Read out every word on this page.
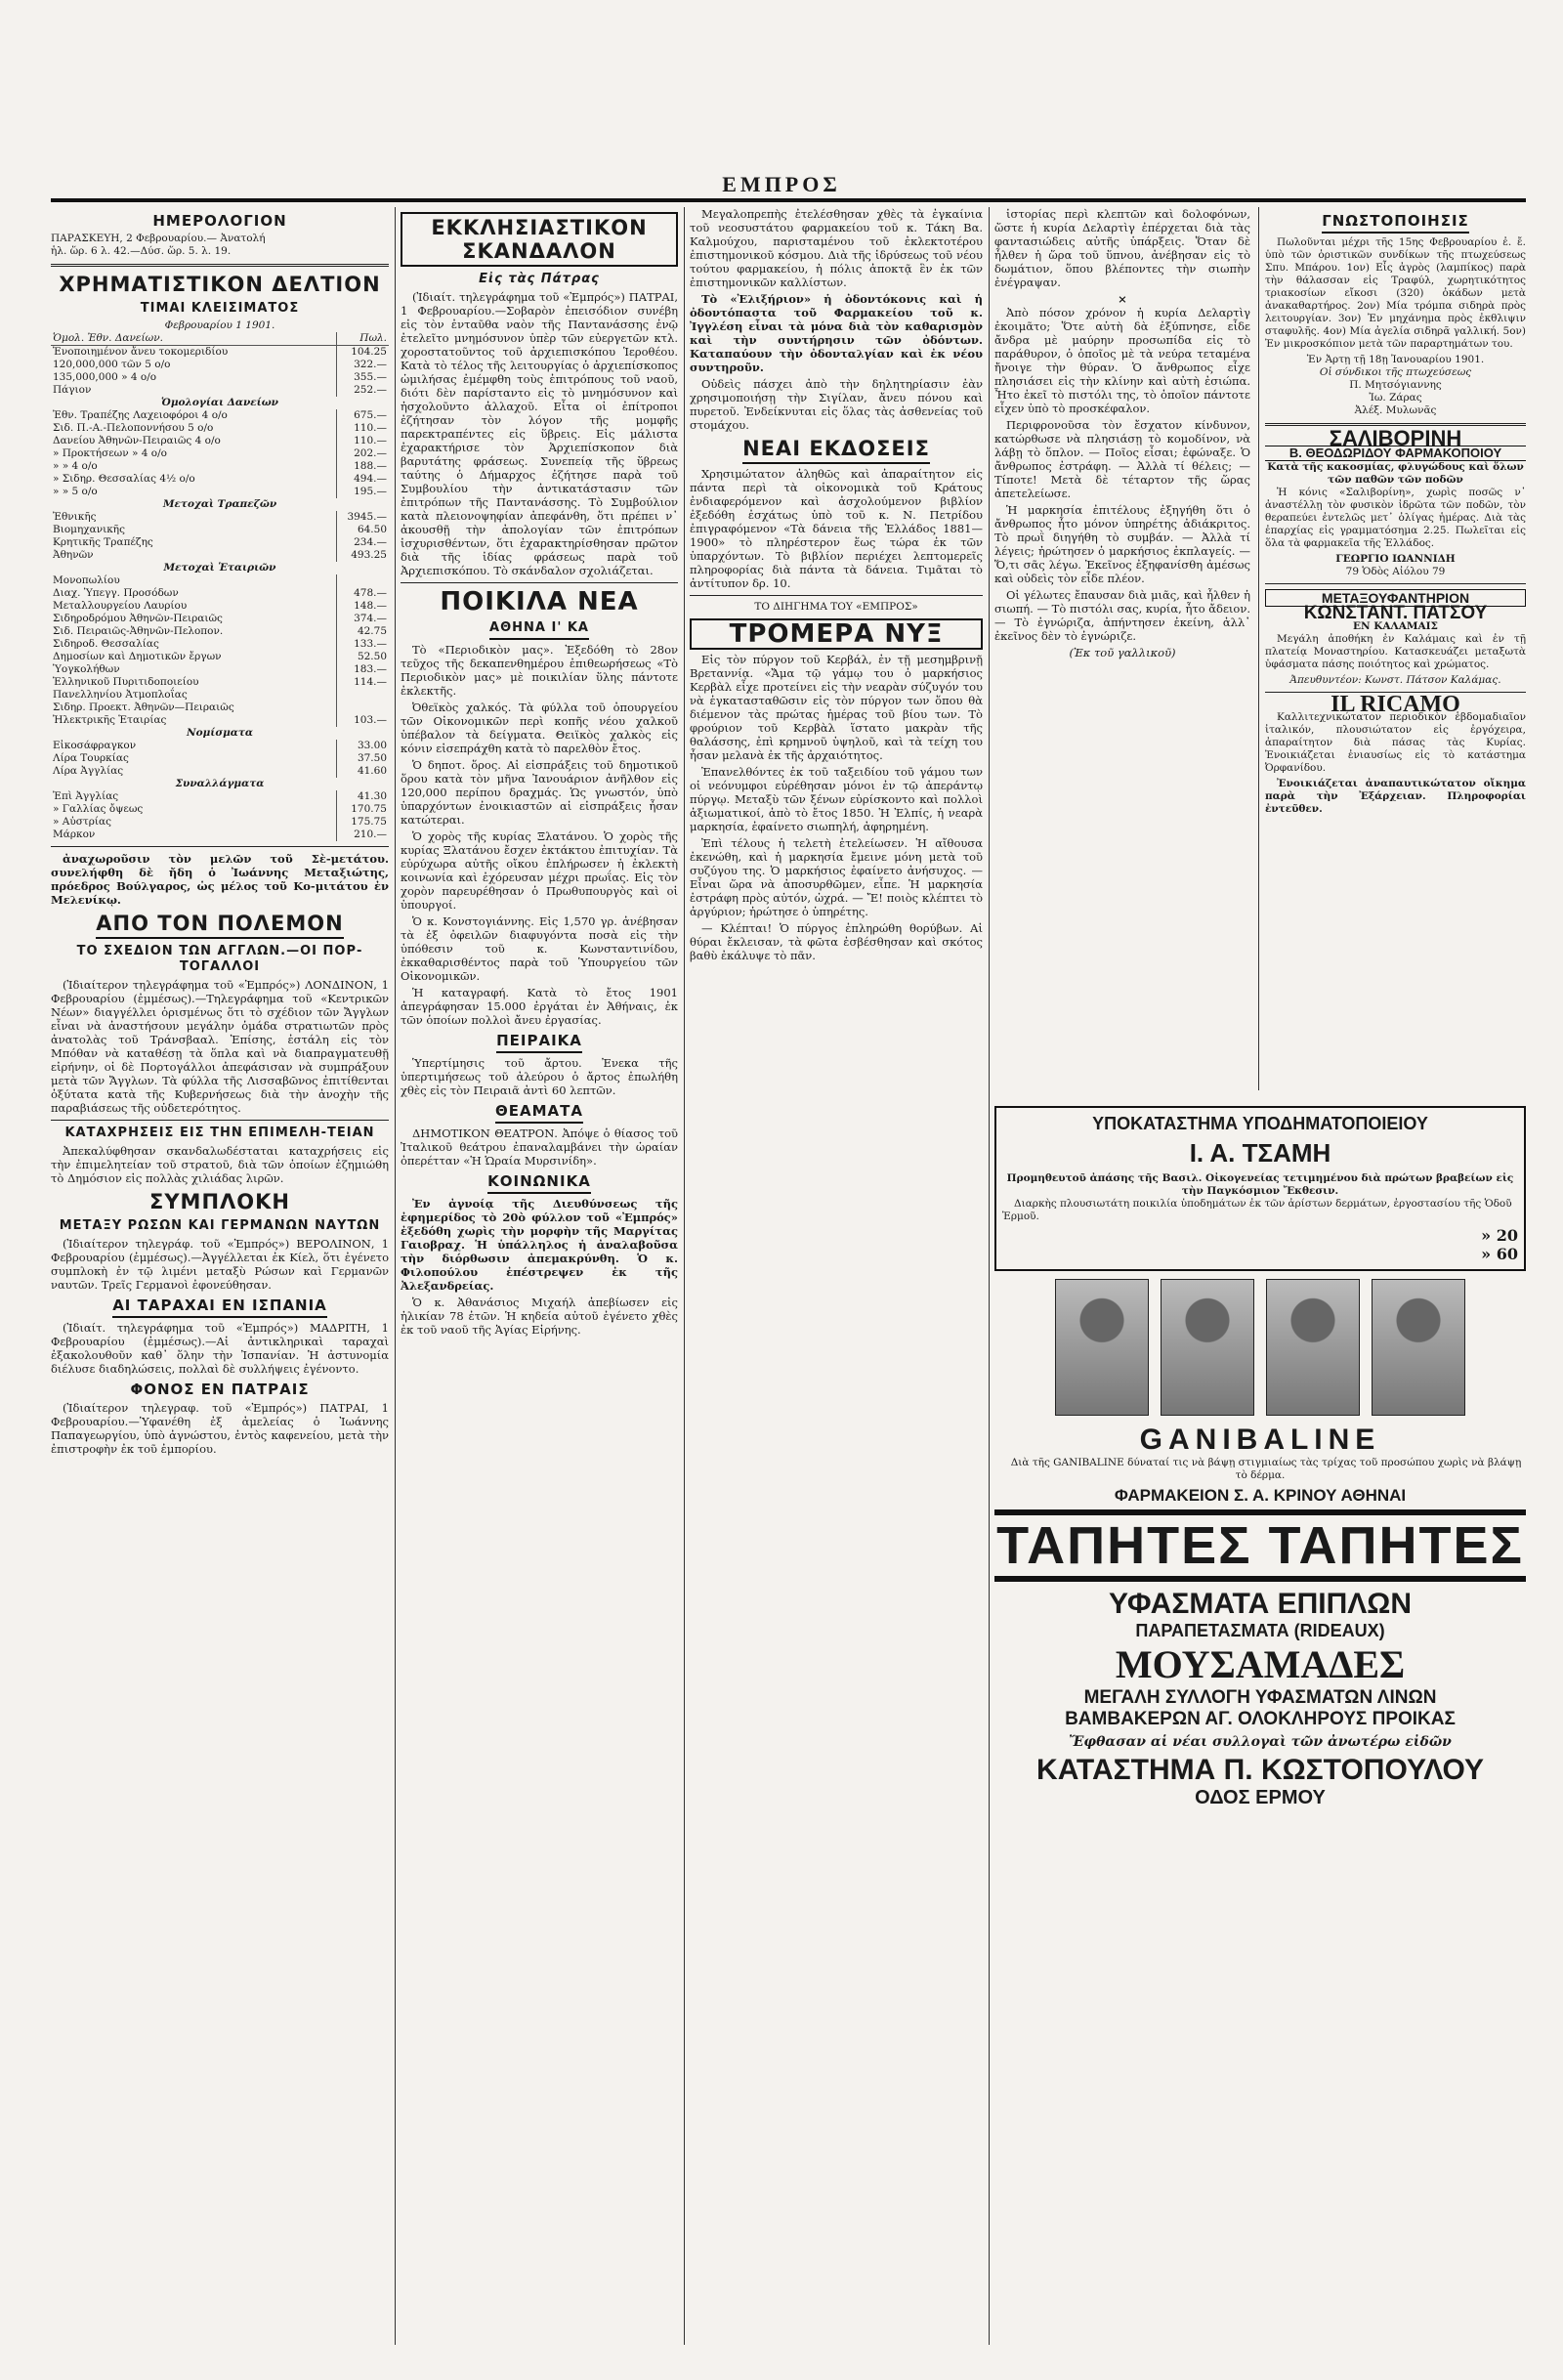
ΕΜΠΡΟΣ
ΗΜΕΡΟΛΟΓΙΟΝ
ΠΑΡΑΣΚΕΥΗ, 2 Φεβρουαρίου.— Ἀνατολή
ἡλ. ὥρ. 6 λ. 42.—Δύσ. ὥρ. 5. λ. 19.
ΧΡΗΜΑΤΙΣΤΙΚΟΝ ΔΕΛΤΙΟΝ
ΤΙΜΑΙ ΚΛΕΙΣΙΜΑΤΟΣ
Φεβρουαρίου 1 1901.
Ὁμολ. Ἐθν. Δανείων.	Πωλ.
Ἑνοποιημένον ἄνευ τοκομεριδίου	104.25
120,000,000 τῶν 5 ο/ο	322.—
135,000,000 » 4 ο/ο	355.—
Πάγιον	252.—
Ὁμολογίαι Δανείων	
Ἐθν. Τραπέζης Λαχειοφόροι 4 ο/ο	675.—
Σιδ. Π.-Α.-Πελοποννήσου 5 ο/ο	110.—
Δανείου Ἀθηνῶν-Πειραιῶς 4 ο/ο	110.—
» Προκτήσεων » 4 ο/ο	202.—
» » 4 ο/ο	188.—
» Σιδηρ. Θεσσαλίας 4½ ο/ο	494.—
» » 5 ο/ο	195.—
Μετοχαὶ Τραπεζῶν	
Ἐθνικῆς	3945.—
Βιομηχανικῆς	64.50
Κρητικῆς Τραπέζης	234.—
Ἀθηνῶν	493.25
Μετοχαὶ Ἑταιριῶν	
Μονοπωλίου	
Διαχ. Ὑπεγγ. Προσόδων	478.—
Μεταλλουργείου Λαυρίου	148.—
Σιδηροδρόμου Ἀθηνῶν-Πειραιῶς	374.—
Σιδ. Πειραιῶς-Ἀθηνῶν-Πελοπον.	42.75
Σιδηροδ. Θεσσαλίας	133.—
Δημοσίων καὶ Δημοτικῶν ἔργων	52.50
Ὑογκολήθων	183.—
Ἑλληνικοῦ Πυριτιδοποιείου	114.—
Πανελληνίου Ἀτμοπλοΐας	
Σιδηρ. Προεκτ. Ἀθηνῶν—Πειραιῶς	
Ἠλεκτρικῆς Ἑταιρίας	103.—
Νομίσματα	
Εἰκοσάφραγκον	33.00
Λίρα Τουρκίας	37.50
Λίρα Ἀγγλίας	41.60
Συναλλάγματα	
Ἐπὶ Ἀγγλίας	41.30
» Γαλλίας ὄψεως	170.75
» Αὐστρίας	175.75
Μάρκον	210.—

ἀναχωροῦσιν τὸν μελῶν τοῦ Σὲ-μετάτου. συνελήφθη δὲ ἤδη ὁ Ἰωάννης Μεταξιώτης, πρόεδρος Βούλγαρος, ὡς μέλος τοῦ Κο-μιτάτου ἐν Μελενίκῳ.

ΑΠΟ ΤΟΝ ΠΟΛΕΜΟΝ
ΤΟ ΣΧΕΔΙΟΝ ΤΩΝ ΑΓΓΛΩΝ.—ΟΙ ΠΟΡ-ΤΟΓΑΛΛΟΙ

(Ἰδιαίτερον τηλεγράφημα τοῦ «Ἐμπρός») ΛΟΝΔΙΝΟΝ, 1 Φεβρουαρίου (ἐμμέσως).—Τηλεγράφημα τοῦ «Κεντρικῶν Νέων» διαγγέλλει ὁρισμένως ὅτι τὸ σχέδιον τῶν Ἄγγλων εἶναι νὰ ἀναστήσουν μεγάλην ὁμάδα στρατιωτῶν πρὸς ἀνατολὰς τοῦ Τράνσβααλ. Ἐπίσης, ἐστάλη εἰς τὸν Μπόθαν νὰ καταθέσῃ τὰ ὅπλα καὶ νὰ διαπραγματευθῇ εἰρήνην, οἱ δὲ Πορτογάλλοι ἀπεφάσισαν νὰ συμπράξουν μετὰ τῶν Ἄγγλων. Τὰ φύλλα τῆς Λισσαβῶνος ἐπιτίθενται ὀξύτατα κατὰ τῆς Κυβερνήσεως διὰ τὴν ἀνοχὴν τῆς παραβιάσεως τῆς οὐδετερότητος.

ΚΑΤΑΧΡΗΣΕΙΣ ΕΙΣ ΤΗΝ ΕΠΙΜΕΛΗ-ΤΕΙΑΝ

Ἀπεκαλύφθησαν σκανδαλωδέσταται καταχρήσεις εἰς τὴν ἐπιμελητείαν τοῦ στρατοῦ, διὰ τῶν ὁποίων ἐζημιώθη τὸ Δημόσιον εἰς πολλὰς χιλιάδας λιρῶν.

ΣΥΜΠΛΟΚΗ
ΜΕΤΑΞΥ ΡΩΣΩΝ ΚΑΙ ΓΕΡΜΑΝΩΝ ΝΑΥΤΩΝ

(Ἰδιαίτερον τηλεγράφ. τοῦ «Ἐμπρός») ΒΕΡΟΛΙΝΟΝ, 1 Φεβρουαρίου (ἐμμέσως).—Ἀγγέλλεται ἐκ Κίελ, ὅτι ἐγένετο συμπλοκὴ ἐν τῷ λιμένι μεταξὺ Ρώσων καὶ Γερμανῶν ναυτῶν. Τρεῖς Γερμανοὶ ἐφονεύθησαν.

ΑΙ ΤΑΡΑΧΑΙ ΕΝ ΙΣΠΑΝΙΑ

(Ἰδιαίτ. τηλεγράφημα τοῦ «Ἐμπρός») ΜΑΔΡΙΤΗ, 1 Φεβρουαρίου (ἐμμέσως).—Αἱ ἀντικληρικαὶ ταραχαὶ ἐξακολουθοῦν καθ᾽ ὅλην τὴν Ἰσπανίαν. Ἡ ἀστυνομία διέλυσε διαδηλώσεις, πολλαὶ δὲ συλλήψεις ἐγένοντο.

ΦΟΝΟΣ ΕΝ ΠΑΤΡΑΙΣ

(Ἰδιαίτερον τηλεγραφ. τοῦ «Ἐμπρός») ΠΑΤΡΑΙ, 1 Φεβρουαρίου.—Ὑφανέθη ἐξ ἀμελείας ὁ Ἰωάννης Παπαγεωργίου, ὑπὸ ἀγνώστου, ἐντὸς καφενείου, μετὰ τὴν ἐπιστροφὴν ἐκ τοῦ ἐμπορίου.

ΕΚΚΛΗΣΙΑΣΤΙΚΟΝ ΣΚΑΝΔΑΛΟΝ
Εἰς τὰς Πάτρας

(Ἰδιαίτ. τηλεγράφημα τοῦ «Ἐμπρός») ΠΑΤΡΑΙ, 1 Φεβρουαρίου.—Σοβαρὸν ἐπεισόδιον συνέβη εἰς τὸν ἐνταῦθα ναὸν τῆς Παντανάσσης ἐνῷ ἐτελεῖτο μνημόσυνον ὑπὲρ τῶν εὐεργετῶν κτλ. χοροστατοῦντος τοῦ ἀρχιεπισκόπου Ἱεροθέου. Κατὰ τὸ τέλος τῆς λειτουργίας ὁ ἀρχιεπίσκοπος ὡμιλήσας ἐμέμφθη τοὺς ἐπιτρόπους τοῦ ναοῦ, διότι δὲν παρίσταντο εἰς τὸ μνημόσυνον καὶ ἠσχολοῦντο ἀλλαχοῦ. Εἶτα οἱ ἐπίτροποι ἐζήτησαν τὸν λόγον τῆς μομφῆς παρεκτραπέντες εἰς ὕβρεις. Εἰς μάλιστα ἐχαρακτήρισε τὸν Ἀρχιεπίσκοπον διὰ βαρυτάτης φράσεως. Συνεπείᾳ τῆς ὕβρεως ταύτης ὁ Δήμαρχος ἐζήτησε παρὰ τοῦ Συμβουλίου τὴν ἀντικατάστασιν τῶν ἐπιτρόπων τῆς Παντανάσσης. Τὸ Συμβούλιον κατὰ πλειονοψηφίαν ἀπεφάνθη, ὅτι πρέπει ν᾽ ἀκουσθῇ τὴν ἀπολογίαν τῶν ἐπιτρόπων ἰσχυρισθέντων, ὅτι ἐχαρακτηρίσθησαν πρῶτον διὰ τῆς ἰδίας φράσεως παρὰ τοῦ Ἀρχιεπισκόπου. Τὸ σκάνδαλον σχολιάζεται.

ΠΟΙΚΙΛΑ ΝΕΑ
ΑΘΗΝΑ Ι' ΚΑ

Τὸ «Περιοδικὸν μας». Ἐξεδόθη τὸ 28ον τεῦχος τῆς δεκαπενθημέρου ἐπιθεωρήσεως «Τὸ Περιοδικὸν μας» μὲ ποικιλίαν ὕλης πάντοτε ἐκλεκτῆς.

Ὀθεϊκὸς χαλκός. Τὰ φύλλα τοῦ ὀπουργείου τῶν Οἰκονομικῶν περὶ κοπῆς νέου χαλκοῦ ὑπέβαλον τὰ δείγματα. Θειϊκὸς χαλκὸς εἰς κόνιν εἰσεπράχθη κατὰ τὸ παρελθὸν ἔτος.

Ὁ δηποτ. ὅρος. Αἱ εἰσπράξεις τοῦ δημοτικοῦ ὅρου κατὰ τὸν μῆνα Ἰανουάριον ἀνῆλθον εἰς 120,000 περίπου δραχμάς. Ὡς γνωστόν, ὑπὸ ὑπαρχόντων ἐνοικιαστῶν αἱ εἰσπράξεις ἦσαν κατώτεραι.

Ὁ χορὸς τῆς κυρίας Ξλατάνου. Ὁ χορὸς τῆς κυρίας Ξλατάνου ἔσχεν ἐκτάκτου ἐπιτυχίαν. Τὰ εὐρύχωρα αὐτῆς οἴκου ἐπλήρωσεν ἡ ἐκλεκτὴ κοινωνία καὶ ἐχόρευσαν μέχρι πρωΐας. Εἰς τὸν χορὸν παρευρέθησαν ὁ Πρωθυπουργὸς καὶ οἱ ὑπουργοί.

Ὁ κ. Κονστογιάννης. Εἰς 1,570 γρ. ἀνέβησαν τὰ ἐξ ὀφειλῶν διαφυγόντα ποσὰ εἰς τὴν ὑπόθεσιν τοῦ κ. Κωνσταντινίδου, ἐκκαθαρισθέντος παρὰ τοῦ Ὑπουργείου τῶν Οἰκονομικῶν.

Ἡ καταγραφή. Κατὰ τὸ ἔτος 1901 ἀπεγράφησαν 15.000 ἐργάται ἐν Ἀθήναις, ἐκ τῶν ὁποίων πολλοὶ ἄνευ ἐργασίας.

ΠΕΙΡΑΙΚΑ

Ὑπερτίμησις τοῦ ἄρτου. Ἐνεκα τῆς ὑπερτιμήσεως τοῦ ἀλεύρου ὁ ἄρτος ἐπωλήθη χθὲς εἰς τὸν Πειραιᾶ ἀντὶ 60 λεπτῶν.

ΘΕΑΜΑΤΑ

ΔΗΜΟΤΙΚΟΝ ΘΕΑΤΡΟΝ. Ἀπόψε ὁ θίασος τοῦ Ἰταλικοῦ θεάτρου ἐπαναλαμβάνει τὴν ὡραίαν ὀπερέτταν «Ἡ Ὡραία Μυρσινίδη».

ΚΟΙΝΩΝΙΚΑ

Ἐν ἀγνοίᾳ τῆς Διευθύνσεως τῆς ἐφημερίδος τὸ 20ὸ φύλλον τοῦ «Ἐμπρός» ἐξεδόθη χωρὶς τὴν μορφὴν τῆς Μαργίτας Γαιοβραχ. Ἡ ὑπάλληλος ἡ ἀναλαβοῦσα τὴν διόρθωσιν ἀπεμακρύνθη. Ὁ κ. Φιλοπούλου ἐπέστρεψεν ἐκ τῆς Ἀλεξανδρείας.

Ὁ κ. Ἀθανάσιος Μιχαήλ ἀπεβίωσεν εἰς ἡλικίαν 78 ἐτῶν. Ἡ κηδεία αὐτοῦ ἐγένετο χθὲς ἐκ τοῦ ναοῦ τῆς Ἁγίας Εἰρήνης.

Μεγαλοπρεπὴς ἐτελέσθησαν χθὲς τὰ ἐγκαίνια τοῦ νεοσυστάτου φαρμακείου τοῦ κ. Τάκη Βα. Καλμούχου, παρισταμένου τοῦ ἐκλεκτοτέρου ἐπιστημονικοῦ κόσμου. Διὰ τῆς ἱδρύσεως τοῦ νέου τούτου φαρμακείου, ἡ πόλις ἀποκτᾷ ἓν ἐκ τῶν ἐπιστημονικῶν καλλίστων.

Τὸ «Ἐλιξήριον» ἡ ὀδοντόκονις καὶ ἡ ὀδοντόπαστα τοῦ Φαρμακείου τοῦ κ. Ἰγγλέση εἶναι τὰ μόνα διὰ τὸν καθαρισμὸν καὶ τὴν συντήρησιν τῶν ὀδόντων. Καταπαύουν τὴν ὀδονταλγίαν καὶ ἐκ νέου συντηροῦν.

Οὐδεὶς πάσχει ἀπὸ τὴν δηλητηρίασιν ἐὰν χρησιμοποιήσῃ τὴν Σιγίλαν, ἄνευ πόνου καὶ πυρετοῦ. Ἐνδείκνυται εἰς ὅλας τὰς ἀσθενείας τοῦ στομάχου.

ΝΕΑΙ ΕΚΔΟΣΕΙΣ

Χρησιμώτατον ἀληθῶς καὶ ἀπαραίτητον εἰς πάντα περὶ τὰ οἰκονομικὰ τοῦ Κράτους ἐνδιαφερόμενον καὶ ἀσχολούμενον βιβλίον ἐξεδόθη ἐσχάτως ὑπὸ τοῦ κ. Ν. Πετρίδου ἐπιγραφόμενον «Τὰ δάνεια τῆς Ἑλλάδος 1881—1900» τὸ πληρέστερον ἕως τώρα ἐκ τῶν ὑπαρχόντων. Τὸ βιβλίον περιέχει λεπτομερεῖς πληροφορίας διὰ πάντα τὰ δάνεια. Τιμᾶται τὸ ἀντίτυπον δρ. 10.

ΤΟ ΔΙΗΓΗΜΑ ΤΟΥ «ΕΜΠΡΟΣ»
ΤΡΟΜΕΡΑ ΝΥΞ

Εἰς τὸν πύργον τοῦ Κερβάλ, ἐν τῇ μεσημβρινῇ Βρεταννίᾳ. «Ἄμα τῷ γάμῳ του ὁ μαρκήσιος Κερβὰλ εἶχε προτείνει εἰς τὴν νεαρὰν σύζυγόν του νὰ ἐγκατασταθῶσιν εἰς τὸν πύργον των ὅπου θὰ διέμενον τὰς πρώτας ἡμέρας τοῦ βίου των. Τὸ φρούριον τοῦ Κερβὰλ ἵστατο μακρὰν τῆς θαλάσσης, ἐπὶ κρημνοῦ ὑψηλοῦ, καὶ τὰ τείχη του ἦσαν μελανὰ ἐκ τῆς ἀρχαιότητος.

Ἐπανελθόντες ἐκ τοῦ ταξειδίου τοῦ γάμου των οἱ νεόνυμφοι εὑρέθησαν μόνοι ἐν τῷ ἀπεράντῳ πύργῳ. Μεταξὺ τῶν ξένων εὑρίσκοντο καὶ πολλοὶ ἀξιωματικοί, ἀπὸ τὸ ἔτος 1850. Ἡ Ἐλπίς, ἡ νεαρὰ μαρκησία, ἐφαίνετο σιωπηλή, ἀφηρημένη.

Ἐπὶ τέλους ἡ τελετὴ ἐτελείωσεν. Ἡ αἴθουσα ἐκενώθη, καὶ ἡ μαρκησία ἔμεινε μόνη μετὰ τοῦ συζύγου της. Ὁ μαρκήσιος ἐφαίνετο ἀνήσυχος. — Εἶναι ὥρα νὰ ἀποσυρθῶμεν, εἶπε. Ἡ μαρκησία ἐστράφη πρὸς αὐτόν, ὠχρά. — Ἔ! ποιὸς κλέπτει τὸ ἀργύριον; ἠρώτησε ὁ ὑπηρέτης.

— Κλέπται! Ὁ πύργος ἐπληρώθη θορύβων. Αἱ θύραι ἔκλεισαν, τὰ φῶτα ἐσβέσθησαν καὶ σκότος βαθὺ ἐκάλυψε τὸ πᾶν.

ἱστορίας περὶ κλεπτῶν καὶ δολοφόνων, ὥστε ἡ κυρία Δελαρτὶγ ἐπέρχεται διὰ τὰς φαντασιώδεις αὐτῆς ὑπάρξεις. Ὅταν δὲ ἦλθεν ἡ ὥρα τοῦ ὕπνου, ἀνέβησαν εἰς τὸ δωμάτιον, ὅπου βλέποντες τὴν σιωπὴν ἐνέγραψαν.

×

Ἀπὸ πόσον χρόνον ἡ κυρία Δελαρτὶγ ἐκοιμᾶτο; Ὅτε αὐτὴ δὰ ἐξύπνησε, εἶδε ἄνδρα μὲ μαύρην προσωπίδα εἰς τὸ παράθυρον, ὁ ὁποῖος μὲ τὰ νεύρα τεταμένα ἤνοιγε τὴν θύραν. Ὁ ἄνθρωπος εἶχε πλησιάσει εἰς τὴν κλίνην καὶ αὐτὴ ἐσιώπα. Ἦτο ἐκεῖ τὸ πιστόλι της, τὸ ὁποῖον πάντοτε εἶχεν ὑπὸ τὸ προσκέφαλον.

Περιφρονοῦσα τὸν ἔσχατον κίνδυνον, κατώρθωσε νὰ πλησιάσῃ τὸ κομοδίνον, νὰ λάβῃ τὸ ὅπλον. — Ποῖος εἶσαι; ἐφώναξε. Ὁ ἄνθρωπος ἐστράφη. — Ἀλλὰ τί θέλεις; — Τίποτε! Μετὰ δὲ τέταρτον τῆς ὥρας ἀπετελείωσε.

Ἡ μαρκησία ἐπιτέλους ἐξηγήθη ὅτι ὁ ἄνθρωπος ἦτο μόνον ὑπηρέτης ἀδιάκριτος. Τὸ πρωῒ διηγήθη τὸ συμβάν. — Ἀλλὰ τί λέγεις; ἠρώτησεν ὁ μαρκήσιος ἐκπλαγείς. — Ὅ,τι σᾶς λέγω. Ἐκεῖνος ἐξηφανίσθη ἀμέσως καὶ οὐδεὶς τὸν εἶδε πλέον.

Οἱ γέλωτες ἔπαυσαν διὰ μιᾶς, καὶ ἦλθεν ἡ σιωπή. — Τὸ πιστόλι σας, κυρία, ἦτο ἄδειον. — Τὸ ἐγνώριζα, ἀπήντησεν ἐκείνη, ἀλλ᾽ ἐκεῖνος δὲν τὸ ἐγνώριζε.

(Ἐκ τοῦ γαλλικοῦ)
ΓΝΩΣΤΟΠΟΙΗΣΙΣ

Πωλοῦνται μέχρι τῆς 15ης Φεβρουαρίου ἐ. ἔ. ὑπὸ τῶν ὁριστικῶν συνδίκων τῆς πτωχεύσεως Σπυ. Μπάρου. 1ον) Εἷς ἀγρὸς (λαμπίκος) παρὰ τὴν θάλασσαν εἰς Τραφύλ, χωρητικότητος τριακοσίων εἴκοσι (320) ὀκάδων μετὰ ἀνακαθαρτήρος. 2ον) Μία τρόμπα σιδηρὰ πρὸς λειτουργίαν. 3ον) Ἐν μηχάνημα πρὸς ἐκθλιψιν σταφυλῆς. 4ον) Μία ἀγελία σιδηρᾶ γαλλική. 5ον) Ἐν μικροσκόπιον μετὰ τῶν παραρτημάτων του.

Ἐν Ἀρτῃ τῇ 18ῃ Ἰανουαρίου 1901.
Οἱ σύνδικοι τῆς πτωχεύσεως
Π. Μητσόγιαννης
Ἰω. Ζάρας
Ἀλέξ. Μυλωνᾶς
ΣΑΛΙΒΟΡΙΝΗ
Β. ΘΕΟΔΩΡΙΔΟΥ ΦΑΡΜΑΚΟΠΟΙΟΥ
Κατὰ τῆς κακοσμίας, φλυγώδους καὶ ὅλων τῶν παθῶν τῶν ποδῶν

Ἡ κόνις «Σαλιβορίνη», χωρὶς ποσῶς ν᾽ ἀναστέλλῃ τὸν φυσικὸν ἱδρῶτα τῶν ποδῶν, τὸν θεραπεύει ἐντελῶς μετ᾽ ὀλίγας ἡμέρας. Διὰ τὰς ἐπαρχίας εἰς γραμματόσημα 2.25. Πωλεῖται εἰς ὅλα τὰ φαρμακεῖα τῆς Ἑλλάδος.

ΓΕΩΡΓΙΟ ΙΩΑΝΝΙΔΗ
79 Ὁδὸς Αἰόλου 79
ΜΕΤΑΞΟΥΦΑΝΤΗΡΙΟΝ
ΚΩΝΣΤΑΝΤ. ΠΑΤΣΟΥ
ΕΝ ΚΑΛΑΜΑΙΣ

Μεγάλη ἀποθήκη ἐν Καλάμαις καὶ ἐν τῇ πλατείᾳ Μοναστηρίου. Κατασκευάζει μεταξωτὰ ὑφάσματα πάσης ποιότητος καὶ χρώματος.

Ἀπευθυντέον: Κωνστ. Πάτσον Καλάμας.
IL RICAMO

Καλλιτεχνικώτατον περιοδικὸν ἑβδομαδιαῖον ἰταλικόν, πλουσιώτατον εἰς ἐργόχειρα, ἀπαραίτητον διὰ πάσας τὰς Κυρίας. Ἐνοικιάζεται ἐνιαυσίως εἰς τὸ κατάστημα Ὀρφανίδου.

Ἐνοικιάζεται ἀναπαυτικώτατον οἴκημα παρὰ τὴν Ἐξάρχειαν. Πληροφορίαι ἐντεῦθεν.

ΥΠΟΚΑΤΑΣΤΗΜΑ ΥΠΟΔΗΜΑΤΟΠΟΙΕΙΟΥ
Ι. Α. ΤΣΑΜΗ
Προμηθευτοῦ ἀπάσης τῆς Βασιλ. Οἰκογενείας τετιμημένου διὰ πρώτων βραβείων εἰς τὴν Παγκόσμιον Ἔκθεσιν.

Διαρκὴς πλουσιωτάτη ποικιλία ὑποδημάτων ἐκ τῶν ἀρίστων δερμάτων, ἐργοστασίου τῆς Ὁδοῦ Ἑρμοῦ.

» 20
» 60
GANIBALINE

Διὰ τῆς GANIBALINE δύναταί τις νὰ βάψῃ στιγμιαίως τὰς τρίχας τοῦ προσώπου χωρὶς νὰ βλάψῃ τὸ δέρμα.

ΦΑΡΜΑΚΕΙΟΝ Σ. Α. ΚΡΙΝΟΥ ΑΘΗΝΑΙ
ΤΑΠΗΤΕΣ ΤΑΠΗΤΕΣ
ΥΦΑΣΜΑΤΑ ΕΠΙΠΛΩΝ
ΠΑΡΑΠΕΤΑΣΜΑΤΑ (RIDEAUX)
ΜΟΥΣΑΜΑΔΕΣ
ΜΕΓΑΛΗ ΣΥΛΛΟΓΗ ΥΦΑΣΜΑΤΩΝ ΛΙΝΩΝ
ΒΑΜΒΑΚΕΡΩΝ ΑΓ. ΟΛΟΚΛΗΡΟΥΣ ΠΡΟΙΚΑΣ
Ἔφθασαν αἱ νέαι συλλογαὶ τῶν ἀνωτέρω εἰδῶν
ΚΑΤΑΣΤΗΜΑ Π. ΚΩΣΤΟΠΟΥΛΟΥ
ΟΔΟΣ ΕΡΜΟΥ
